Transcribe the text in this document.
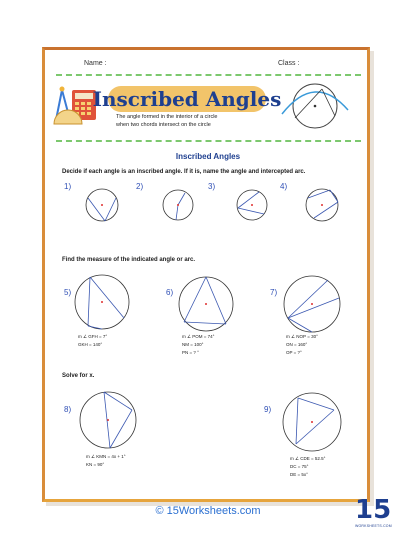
Name :	Class :
Inscribed Angles
The angle formed in the interior of a circle
when two chords intersect on the circle
Inscribed Angles
Decide if each angle is an inscribed angle. If it is, name the angle and intercepted arc.
1)	2)	3)	4)
Find the measure of the indicated angle or arc.
5)	6)	7)
m ∠ GFH = 7°
GKH = 140°
m ∠ POM = 74°
NM = 100°
PN = ? °
m ∠ NOP = 30°
ON = 160°
OP = ?°
Solve for x.
8)	9)
m ∠ KMN = 4x + 1°
KN = 90°
m ∠ CDE = 52.5°
DC = 75°
DE = 5x°
© 15Worksheets.com	15
WORKSHEETS.COM
